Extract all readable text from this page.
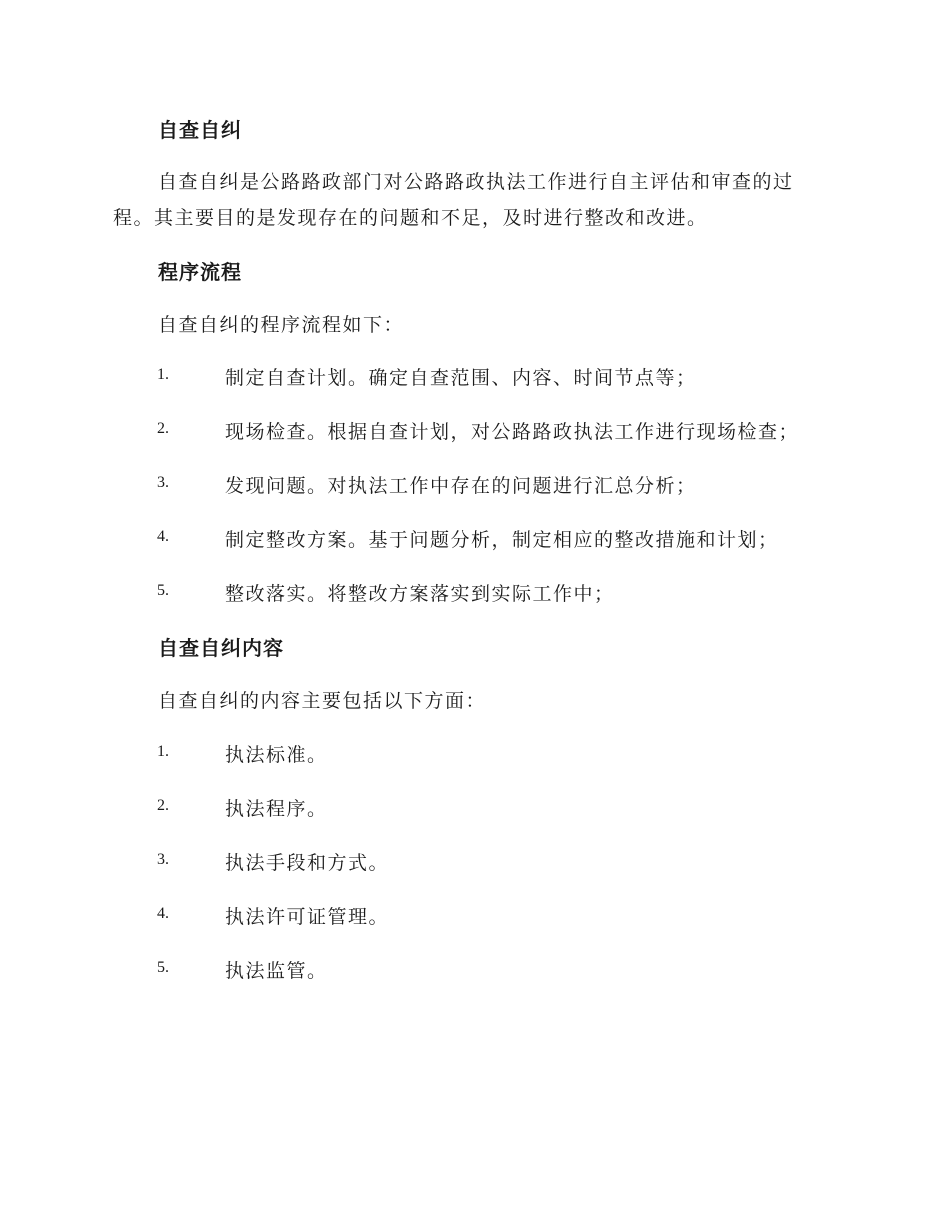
自查自纠
自查自纠是公路路政部门对公路路政执法工作进行自主评估和审查的过
程。其主要目的是发现存在的问题和不足，及时进行整改和改进。
程序流程
自查自纠的程序流程如下：
1.	制定自查计划。确定自查范围、内容、时间节点等；
2.	现场检查。根据自查计划，对公路路政执法工作进行现场检查；
3.	发现问题。对执法工作中存在的问题进行汇总分析；
4.	制定整改方案。基于问题分析，制定相应的整改措施和计划；
5.	整改落实。将整改方案落实到实际工作中；
自查自纠内容
自查自纠的内容主要包括以下方面：
1.	执法标准。
2.	执法程序。
3.	执法手段和方式。
4.	执法许可证管理。
5.	执法监管。
